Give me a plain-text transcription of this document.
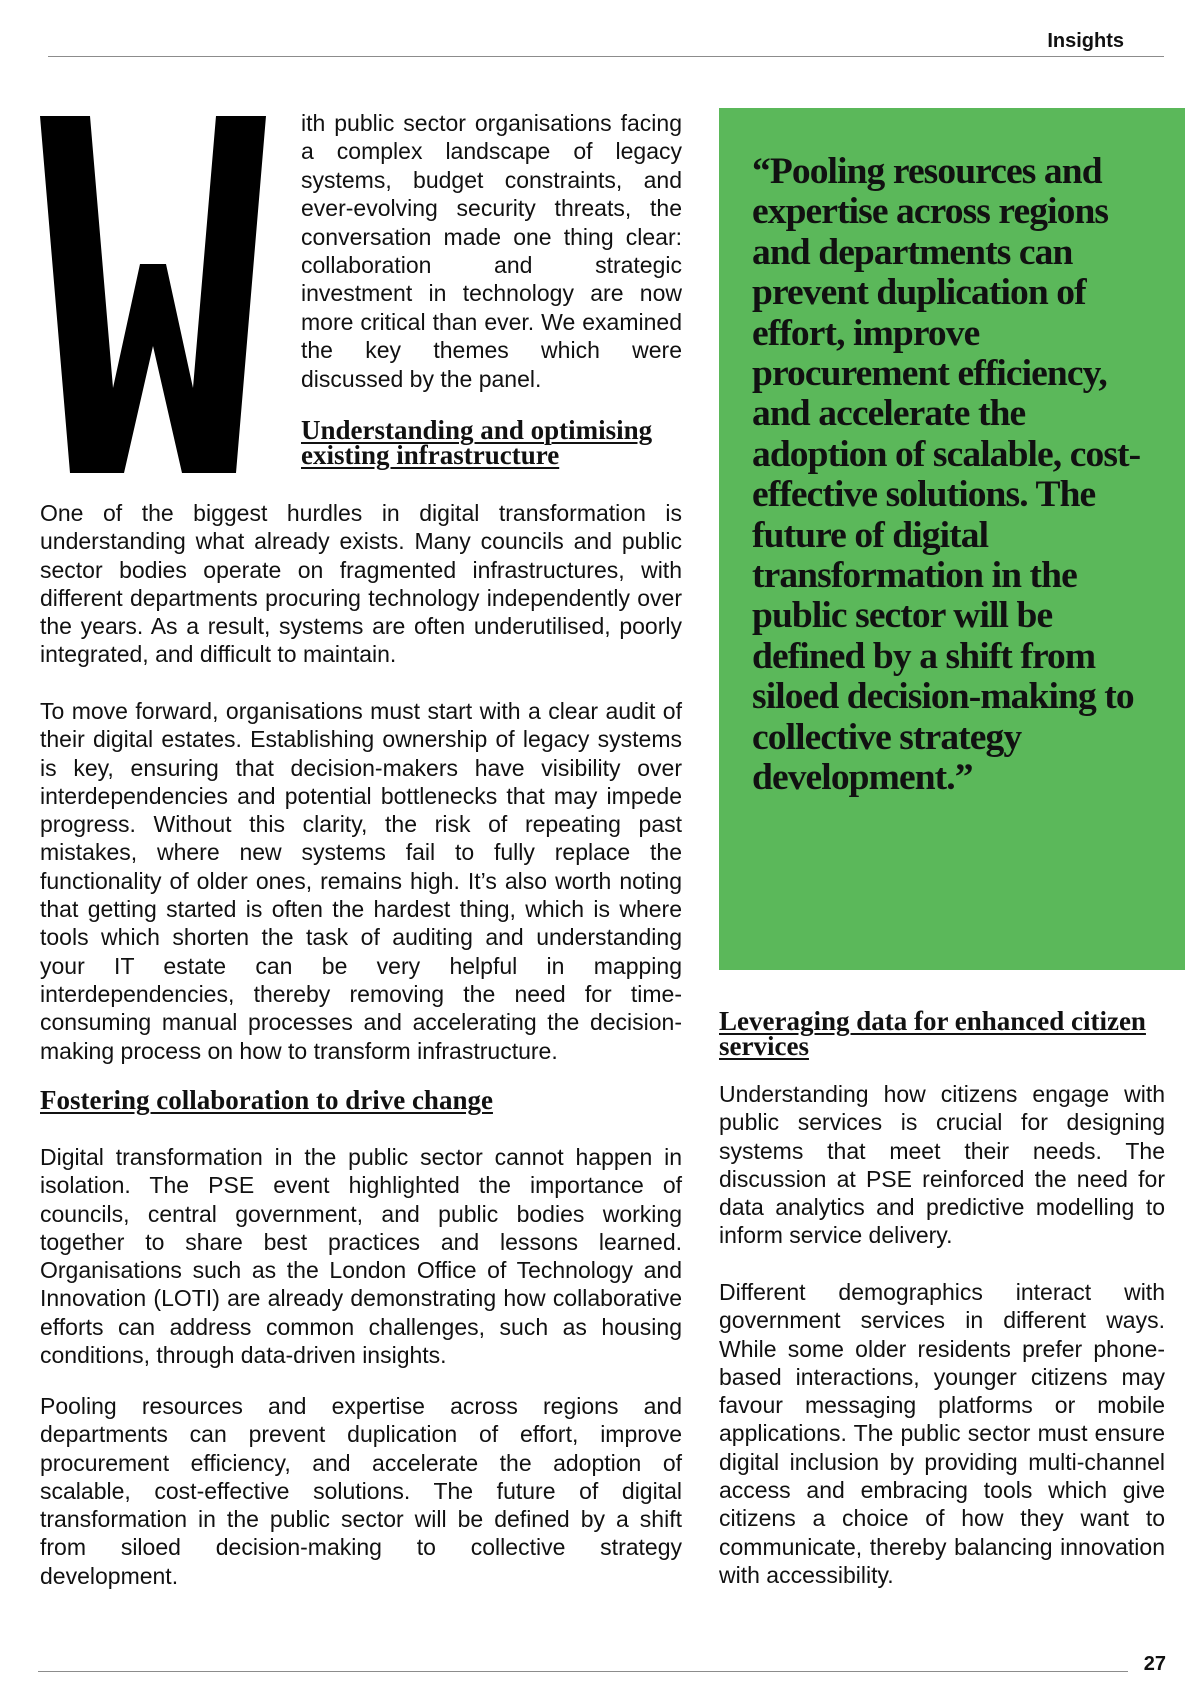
Insights

ith public sector organisations facing a complex landscape of legacy systems, budget constraints, and ever-evolving security threats, the conversation made one thing clear: collaboration and strategic investment in technology are now more critical than ever. We examined the key themes which were discussed by the panel.

Understanding and optimising existing infrastructure

One of the biggest hurdles in digital transformation is understanding what already exists. Many councils and public sector bodies operate on fragmented infrastructures, with different departments procuring technology independently over the years. As a result, systems are often underutilised, poorly integrated, and difficult to maintain.

To move forward, organisations must start with a clear audit of their digital estates. Establishing ownership of legacy systems is key, ensuring that decision-makers have visibility over interdependencies and potential bottlenecks that may impede progress. Without this clarity, the risk of repeating past mistakes, where new systems fail to fully replace the functionality of older ones, remains high. It’s also worth noting that getting started is often the hardest thing, which is where tools which shorten the task of auditing and understanding your IT estate can be very helpful in mapping interdependencies, thereby removing the need for time-consuming manual processes and accelerating the decision-making process on how to transform infrastructure.

Fostering collaboration to drive change

Digital transformation in the public sector cannot happen in isolation. The PSE event highlighted the importance of councils, central government, and public bodies working together to share best practices and lessons learned. Organisations such as the London Office of Technology and Innovation (LOTI) are already demonstrating how collaborative efforts can address common challenges, such as housing conditions, through data-driven insights.

Pooling resources and expertise across regions and departments can prevent duplication of effort, improve procurement efficiency, and accelerate the adoption of scalable, cost-effective solutions. The future of digital transformation in the public sector will be defined by a shift from siloed decision-making to collective strategy development.

“Pooling resources and expertise across regions and departments can prevent duplication of effort, improve procurement efficiency, and accelerate the adoption of scalable, cost-effective solutions. The future of digital transformation in the public sector will be defined by a shift from siloed decision-making to collective strategy development.”

Leveraging data for enhanced citizen services

Understanding how citizens engage with public services is crucial for designing systems that meet their needs. The discussion at PSE reinforced the need for data analytics and predictive modelling to inform service delivery.

Different demographics interact with government services in different ways. While some older residents prefer phone-based interactions, younger citizens may favour messaging platforms or mobile applications. The public sector must ensure digital inclusion by providing multi-channel access and embracing tools which give citizens a choice of how they want to communicate, thereby balancing innovation with accessibility.

27
